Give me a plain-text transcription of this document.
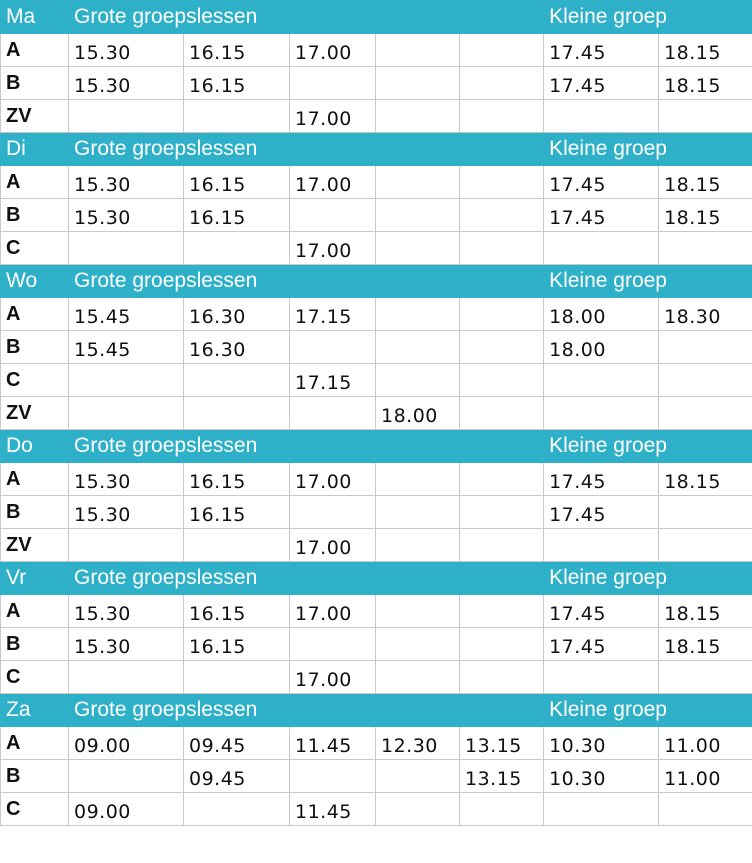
Ma	Grote groepslessen					Kleine groep	
A	15.30	16.15	17.00			17.45	18.15
B	15.30	16.15				17.45	18.15
ZV			17.00				
Di	Grote groepslessen					Kleine groep	
A	15.30	16.15	17.00			17.45	18.15
B	15.30	16.15				17.45	18.15
C			17.00				
Wo	Grote groepslessen					Kleine groep	
A	15.45	16.30	17.15			18.00	18.30
B	15.45	16.30				18.00	
C			17.15				
ZV				18.00			
Do	Grote groepslessen					Kleine groep	
A	15.30	16.15	17.00			17.45	18.15
B	15.30	16.15				17.45	
ZV			17.00				
Vr	Grote groepslessen					Kleine groep	
A	15.30	16.15	17.00			17.45	18.15
B	15.30	16.15				17.45	18.15
C			17.00				
Za	Grote groepslessen					Kleine groep	
A	09.00	09.45	11.45	12.30	13.15	10.30	11.00
B		09.45			13.15	10.30	11.00
C	09.00		11.45				
